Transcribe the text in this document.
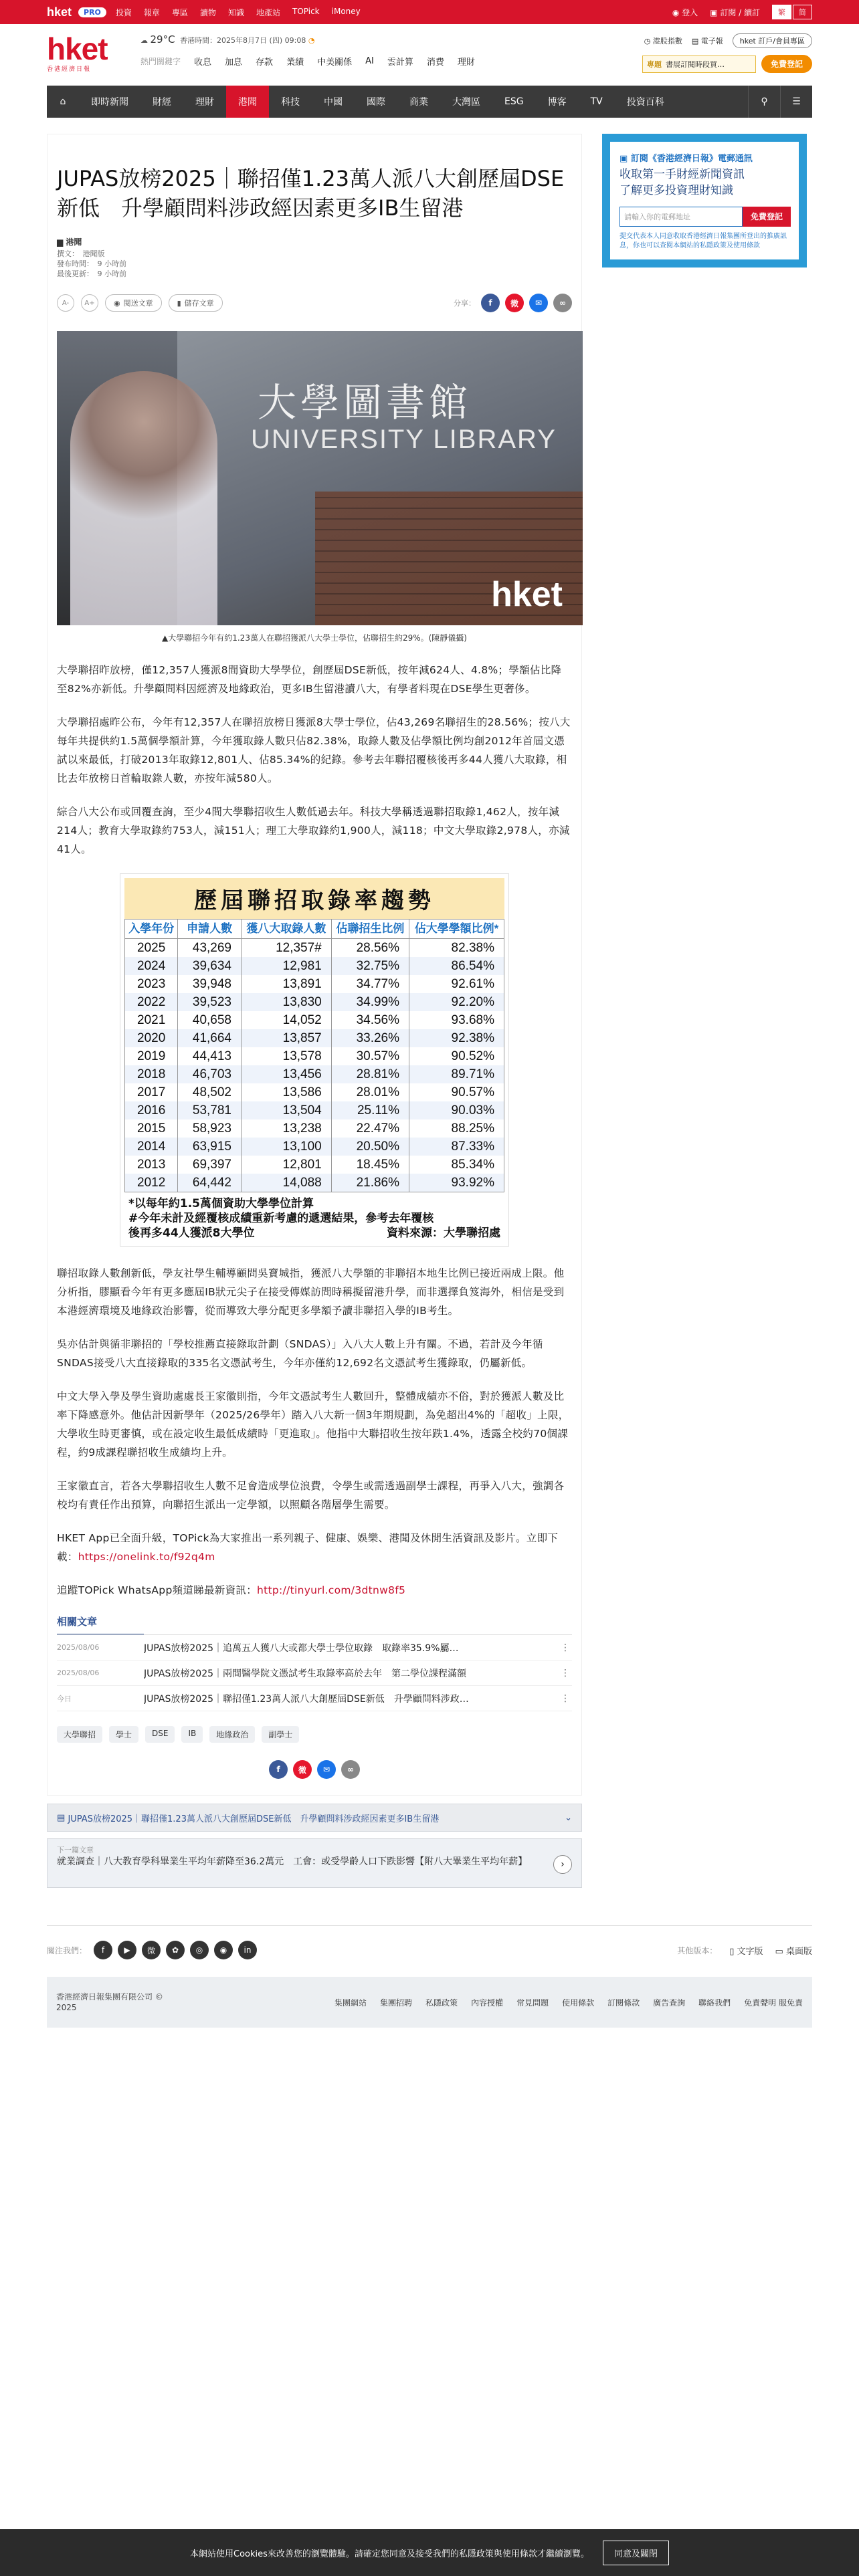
hket	PRO	投資 報章 專區 讀物 知識 地產站 TOPick iMoney	◉ 登入 ▣ 訂閱 / 續訂	繁	简
hket
香港經濟日報
☁ 29°C 香港時間：2025年8月7日 (四) 09:08 ◔
熱門關鍵字 收息 加息 存款 業績 中美關係 AI 雲計算 消費 理財
◷ 港股指數 ▤ 電子報	hket 訂戶/會員專區
專題 書展訂閱時段買…	免費登記
⌂	即時新聞	財經	理財	港聞	科技	中國	國際	商業	大灣區	ESG	博客	TV	投資百科	⚲	☰
JUPAS放榜2025｜聯招僅1.23萬人派八大創歷屆DSE新低　升學顧問料涉政經因素更多IB生留港
▆ 港聞
撰文：　港聞版
發布時間：　9 小時前
最後更新：　9 小時前
A-	A+	◉ 閱送文章	▮ 儲存文章	分享：	f	微	✉	∞
大學圖書館
UNIVERSITY LIBRARY
hket
▲大學聯招今年有約1.23萬人在聯招獲派八大學士學位，佔聯招生約29%。(陳靜儀攝)

大學聯招昨放榜，僅12,357人獲派8間資助大學學位，創歷屆DSE新低，按年減624人、4.8%；學額佔比降至82%亦新低。升學顧問料因經濟及地緣政治，更多IB生留港讀八大，有學者料現在DSE學生更奢侈。

大學聯招處昨公布，今年有12,357人在聯招放榜日獲派8大學士學位，佔43,269名聯招生的28.56%；按八大每年共提供約1.5萬個學額計算，今年獲取錄人數只佔82.38%，取錄人數及佔學額比例均創2012年首屆文憑試以來最低，打破2013年取錄12,801人、佔85.34%的紀錄。參考去年聯招覆核後再多44人獲八大取錄，相比去年放榜日首輪取錄人數，亦按年減580人。

綜合八大公布或回覆查詢，至少4間大學聯招收生人數低過去年。科技大學稱透過聯招取錄1,462人，按年減214人；教育大學取錄約753人，減151人；理工大學取錄約1,900人，減118；中文大學取錄2,978人，亦減41人。

歷屆聯招取錄率趨勢
入學年份	申請人數	獲八大取錄人數	佔聯招生比例	佔大學學額比例*
2025	43,269	12,357#	28.56%	82.38%
2024	39,634	12,981	32.75%	86.54%
2023	39,948	13,891	34.77%	92.61%
2022	39,523	13,830	34.99%	92.20%
2021	40,658	14,052	34.56%	93.68%
2020	41,664	13,857	33.26%	92.38%
2019	44,413	13,578	30.57%	90.52%
2018	46,703	13,456	28.81%	89.71%
2017	48,502	13,586	28.01%	90.57%
2016	53,781	13,504	25.11%	90.03%
2015	58,923	13,238	22.47%	88.25%
2014	63,915	13,100	20.50%	87.33%
2013	69,397	12,801	18.45%	85.34%
2012	64,442	14,088	21.86%	93.92%
*以每年約1.5萬個資助大學學位計算
#今年未計及經覆核成績重新考慮的遞選結果，參考去年覆核
後再多44人獲派8大學位	資料來源：大學聯招處

聯招取錄人數創新低，學友社學生輔導顧問吳寶城指，獲派八大學額的非聯招本地生比例已接近兩成上限。他分析指，膠顯看今年有更多應屆IB狀元尖子在接受傳媒訪問時稱擬留港升學，而非選擇負笈海外，相信是受到本港經濟環境及地緣政治影響，從而導致大學分配更多學額予讀非聯招入學的IB考生。

吳亦估計與循非聯招的「學校推薦直接錄取計劃（SNDAS）」入八大人數上升有關。不過，若計及今年循SNDAS接受八大直接錄取的335名文憑試考生，今年亦僅約12,692名文憑試考生獲錄取，仍屬新低。

中文大學入學及學生資助處處長王家徽則指，今年文憑試考生人數回升，整體成績亦不俗，對於獲派人數及比率下降感意外。他估計因新學年（2025/26學年）踏入八大新一個3年期規劃，為免超出4%的「超收」上限，大學收生時更審慎，或在設定收生最低成績時「更進取」。他指中大聯招收生按年跌1.4%，透露全校約70個課程，約9成課程聯招收生成績均上升。

王家徽直言，若各大學聯招收生人數不足會造成學位浪費，令學生或需透過副學士課程，再爭入八大，強調各校均有責任作出預算，向聯招生派出一定學額，以照顧各階層學生需要。

HKET App已全面升級，TOPick為大家推出一系列親子、健康、娛樂、港聞及休閒生活資訊及影片。立即下載：https://onelink.to/f92q4m

追蹤TOPick WhatsApp頻道睇最新資訊：http://tinyurl.com/3dtnw8f5

相關文章
2025/08/06	JUPAS放榜2025｜追萬五人獲八大或都大學士學位取錄　取錄率35.9%屬…	⋮
2025/08/06	JUPAS放榜2025｜兩間醫學院文憑試考生取錄率高於去年　第二學位課程滿額	⋮
今日	JUPAS放榜2025｜聯招僅1.23萬人派八大創歷屆DSE新低　升學顧問料涉政…	⋮
大學聯招	學士	DSE	IB	地緣政治	副學士
f	微	✉	∞
▣ 訂閱《香港經濟日報》電郵通訊
收取第一手財經新聞資訊
了解更多投資理財知識
請輸入你的電郵地址	免費登記
提交代表本人同意收取香港經濟日報集團所登出的推廣訊息，你也可以查閱本網站的私隱政策及使用條款
▤
JUPAS放榜2025｜聯招僅1.23萬人派八大創歷屆DSE新低　升學顧問料涉政經因素更多IB生留港	⌄
下一篇文章
就業調查｜八大教育學科畢業生平均年薪降至36.2萬元　工會：或受學齡人口下跌影響【附八大畢業生平均年薪】	›
關注我們：	f	▶	微	✿	◎	◉	in	其他版本： ▯ 文字版 ▭ 桌面版
香港經濟日報集團有限公司 © 2025
集團網站 集團招聘 私隱政策 內容授權 常見問題 使用條款 訂閱條款 廣告查詢 聯絡我們 免責聲明 服免責
本網站使用Cookies來改善您的瀏覽體驗。請確定您同意及接受我們的私隱政策與使用條款才繼續瀏覽。	同意及關閉
